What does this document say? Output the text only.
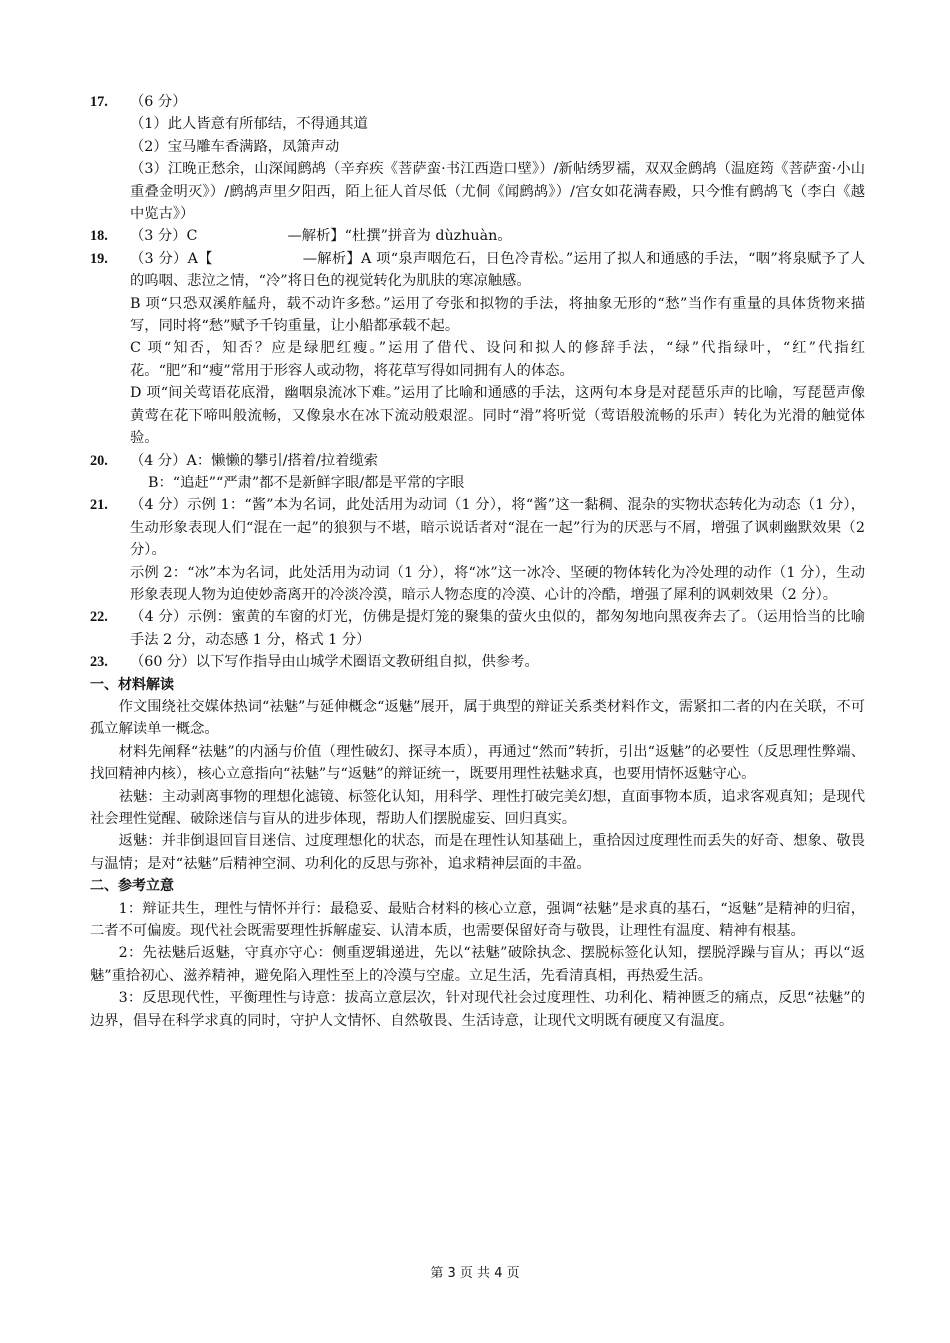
17.	（6 分）
（1）此人皆意有所郁结，不得通其道
（2）宝马雕车香满路，凤箫声动
（3）江晚正愁余，山深闻鹧鸪（辛弃疾《菩萨蛮·书江西造口壁》）/新帖绣罗襦，双双金鹧鸪（温庭筠《菩萨蛮·小山重叠金明灭》）/鹧鸪声里夕阳西，陌上征人首尽低（尤侗《闻鹧鸪》）/宫女如花满春殿，只今惟有鹧鸪飞（李白《越中览古》）
18.	（3 分）C	—解析】“杜撰”拼音为 dùzhuàn。
19.	（3 分）A【	—解析】A 项“泉声咽危石，日色冷青松。”运用了拟人和通感的手法，“咽”将泉赋予了人的呜咽、悲泣之情，“冷”将日色的视觉转化为肌肤的寒凉触感。
B 项“只恐双溪舴艋舟，载不动许多愁。”运用了夸张和拟物的手法，将抽象无形的“愁”当作有重量的具体货物来描写，同时将“愁”赋予千钧重量，让小船都承载不起。
C 项“知否，知否？应是绿肥红瘦。”运用了借代、设问和拟人的修辞手法，“绿”代指绿叶，“红”代指红花。“肥”和“瘦”常用于形容人或动物，将花草写得如同拥有人的体态。
D 项“间关莺语花底滑，幽咽泉流冰下难。”运用了比喻和通感的手法，这两句本身是对琵琶乐声的比喻，写琵琶声像黄莺在花下啼叫般流畅，又像泉水在冰下流动般艰涩。同时“滑”将听觉（莺语般流畅的乐声）转化为光滑的触觉体验。
20.	（4 分）A：懒懒的攀引/搭着/拉着缆索
B：“追赶”“严肃”都不是新鲜字眼/都是平常的字眼
21.	（4 分）示例 1：“酱”本为名词，此处活用为动词（1 分），将“酱”这一黏稠、混杂的实物状态转化为动态（1 分），生动形象表现人们“混在一起”的狼狈与不堪，暗示说话者对“混在一起”行为的厌恶与不屑，增强了讽刺幽默效果（2 分）。
示例 2：“冰”本为名词，此处活用为动词（1 分），将“冰”这一冰冷、坚硬的物体转化为冷处理的动作（1 分），生动形象表现人物为迫使妙斋离开的冷淡冷漠，暗示人物态度的冷漠、心计的冷酷，增强了犀利的讽刺效果（2 分）。
22.	（4 分）示例：蜜黄的车窗的灯光，仿佛是提灯笼的聚集的萤火虫似的，都匆匆地向黑夜奔去了。（运用恰当的比喻手法 2 分，动态感 1 分，格式 1 分）
23.	（60 分）以下写作指导由山城学术圈语文教研组自拟，供参考。
一、材料解读
作文围绕社交媒体热词“祛魅”与延伸概念“返魅”展开，属于典型的辩证关系类材料作文，需紧扣二者的内在关联，不可孤立解读单一概念。
材料先阐释“祛魅”的内涵与价值（理性破幻、探寻本质），再通过“然而”转折，引出“返魅”的必要性（反思理性弊端、找回精神内核），核心立意指向“祛魅”与“返魅”的辩证统一，既要用理性祛魅求真，也要用情怀返魅守心。
祛魅：主动剥离事物的理想化滤镜、标签化认知，用科学、理性打破完美幻想，直面事物本质，追求客观真知；是现代社会理性觉醒、破除迷信与盲从的进步体现，帮助人们摆脱虚妄、回归真实。
返魅：并非倒退回盲目迷信、过度理想化的状态，而是在理性认知基础上，重拾因过度理性而丢失的好奇、想象、敬畏与温情；是对“祛魅”后精神空洞、功利化的反思与弥补，追求精神层面的丰盈。
二、参考立意
1：辩证共生，理性与情怀并行：最稳妥、最贴合材料的核心立意，强调“祛魅”是求真的基石，“返魅”是精神的归宿，二者不可偏废。现代社会既需要理性拆解虚妄、认清本质，也需要保留好奇与敬畏，让理性有温度、精神有根基。
2：先祛魅后返魅，守真亦守心：侧重逻辑递进，先以“祛魅”破除执念、摆脱标签化认知，摆脱浮躁与盲从；再以“返魅”重拾初心、滋养精神，避免陷入理性至上的冷漠与空虚。立足生活，先看清真相，再热爱生活。
3：反思现代性，平衡理性与诗意：拔高立意层次，针对现代社会过度理性、功利化、精神匮乏的痛点，反思“祛魅”的边界，倡导在科学求真的同时，守护人文情怀、自然敬畏、生活诗意，让现代文明既有硬度又有温度。
第 3 页 共 4 页
